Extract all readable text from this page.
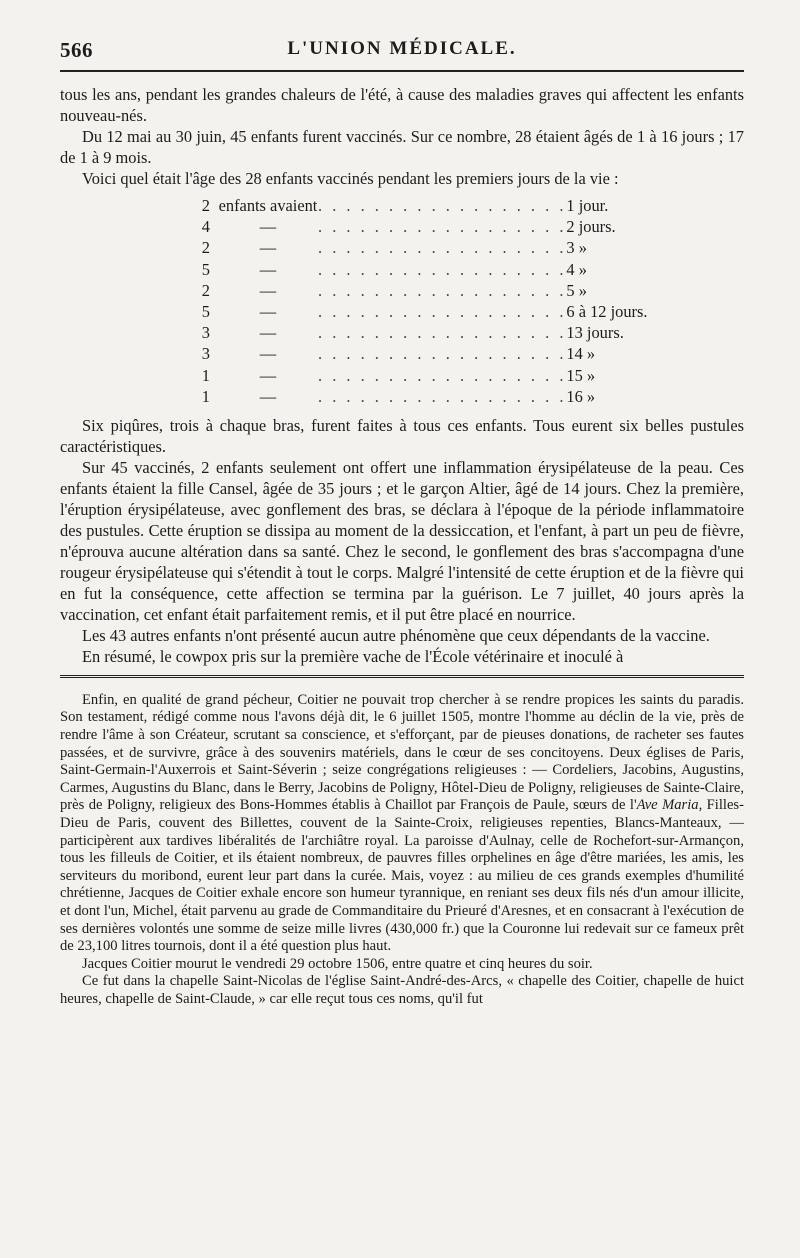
566	L'UNION MÉDICALE.

tous les ans, pendant les grandes chaleurs de l'été, à cause des maladies graves qui affectent les enfants nouveau-nés.

Du 12 mai au 30 juin, 45 enfants furent vaccinés. Sur ce nombre, 28 étaient âgés de 1 à 16 jours ; 17 de 1 à 9 mois.

Voici quel était l'âge des 28 enfants vaccinés pendant les premiers jours de la vie :

2	enfants avaient	. . . . . . . . . . . . . . . . . .	1 jour.
4	—	. . . . . . . . . . . . . . . . . .	2 jours.
2	—	. . . . . . . . . . . . . . . . . .	3 »
5	—	. . . . . . . . . . . . . . . . . .	4 »
2	—	. . . . . . . . . . . . . . . . . .	5 »
5	—	. . . . . . . . . . . . . . . . . .	6 à 12 jours.
3	—	. . . . . . . . . . . . . . . . . .	13 jours.
3	—	. . . . . . . . . . . . . . . . . .	14 »
1	—	. . . . . . . . . . . . . . . . . .	15 »
1	—	. . . . . . . . . . . . . . . . . .	16 »

Six piqûres, trois à chaque bras, furent faites à tous ces enfants. Tous eurent six belles pustules caractéristiques.

Sur 45 vaccinés, 2 enfants seulement ont offert une inflammation érysipélateuse de la peau. Ces enfants étaient la fille Cansel, âgée de 35 jours ; et le garçon Altier, âgé de 14 jours. Chez la première, l'éruption érysipélateuse, avec gonflement des bras, se déclara à l'époque de la période inflammatoire des pustules. Cette éruption se dissipa au moment de la dessiccation, et l'enfant, à part un peu de fièvre, n'éprouva aucune altération dans sa santé. Chez le second, le gonflement des bras s'accompagna d'une rougeur érysipélateuse qui s'étendit à tout le corps. Malgré l'intensité de cette éruption et de la fièvre qui en fut la conséquence, cette affection se termina par la guérison. Le 7 juillet, 40 jours après la vaccination, cet enfant était parfaitement remis, et il put être placé en nourrice.

Les 43 autres enfants n'ont présenté aucun autre phénomène que ceux dépendants de la vaccine.

En résumé, le cowpox pris sur la première vache de l'École vétérinaire et inoculé à

Enfin, en qualité de grand pécheur, Coitier ne pouvait trop chercher à se rendre propices les saints du paradis. Son testament, rédigé comme nous l'avons déjà dit, le 6 juillet 1505, montre l'homme au déclin de la vie, près de rendre l'âme à son Créateur, scrutant sa conscience, et s'efforçant, par de pieuses donations, de racheter ses fautes passées, et de survivre, grâce à des souvenirs matériels, dans le cœur de ses concitoyens. Deux églises de Paris, Saint-Germain-l'Auxerrois et Saint-Séverin ; seize congrégations religieuses : — Cordeliers, Jacobins, Augustins, Carmes, Augustins du Blanc, dans le Berry, Jacobins de Poligny, Hôtel-Dieu de Poligny, religieuses de Sainte-Claire, près de Poligny, religieux des Bons-Hommes établis à Chaillot par François de Paule, sœurs de l'Ave Maria, Filles-Dieu de Paris, couvent des Billettes, couvent de la Sainte-Croix, religieuses repenties, Blancs-Manteaux, — participèrent aux tardives libéralités de l'archiâtre royal. La paroisse d'Aulnay, celle de Rochefort-sur-Armançon, tous les filleuls de Coitier, et ils étaient nombreux, de pauvres filles orphelines en âge d'être mariées, les amis, les serviteurs du moribond, eurent leur part dans la curée. Mais, voyez : au milieu de ces grands exemples d'humilité chrétienne, Jacques de Coitier exhale encore son humeur tyrannique, en reniant ses deux fils nés d'un amour illicite, et dont l'un, Michel, était parvenu au grade de Commanditaire du Prieuré d'Aresnes, et en consacrant à l'exécution de ses dernières volontés une somme de seize mille livres (430,000 fr.) que la Couronne lui redevait sur ce fameux prêt de 23,100 litres tournois, dont il a été question plus haut.

Jacques Coitier mourut le vendredi 29 octobre 1506, entre quatre et cinq heures du soir.

Ce fut dans la chapelle Saint-Nicolas de l'église Saint-André-des-Arcs, « chapelle des Coitier, chapelle de huict heures, chapelle de Saint-Claude, » car elle reçut tous ces noms, qu'il fut
